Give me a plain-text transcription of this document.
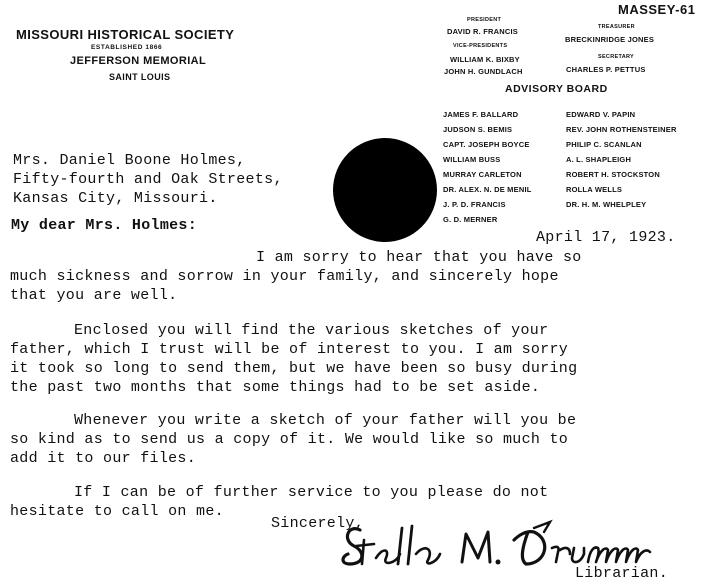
MASSEY-61
MISSOURI HISTORICAL SOCIETY
ESTABLISHED 1866
JEFFERSON MEMORIAL
SAINT LOUIS
PRESIDENT
DAVID R. FRANCIS
VICE-PRESIDENTS
WILLIAM K. BIXBY
JOHN H. GUNDLACH
TREASURER
BRECKINRIDGE JONES
SECRETARY
CHARLES P. PETTUS
ADVISORY BOARD
JAMES F. BALLARD
JUDSON S. BEMIS
CAPT. JOSEPH BOYCE
WILLIAM BUSS
MURRAY CARLETON
DR. ALEX. N. DE MENIL
J. P. D. FRANCIS
G. D. MERNER
EDWARD V. PAPIN
REV. JOHN ROTHENSTEINER
PHILIP C. SCANLAN
A. L. SHAPLEIGH
ROBERT H. STOCKSTON
ROLLA WELLS
DR. H. M. WHELPLEY
Mrs. Daniel Boone Holmes,
Fifty-fourth and Oak Streets,
Kansas City, Missouri.
My dear Mrs. Holmes:
April 17, 1923.
I am sorry to hear that you have so
much sickness and sorrow in your family, and sincerely hope
that you are well.
Enclosed you will find the various sketches of your
father, which I trust will be of interest to you. I am sorry
it took so long to send them, but we have been so busy during
the past two months that some things had to be set aside.
Whenever you write a sketch of your father will you be
so kind as to send us a copy of it. We would like so much to
add it to our files.
If I can be of further service to you please do not
hesitate to call on me.
Sincerely,
Librarian.
